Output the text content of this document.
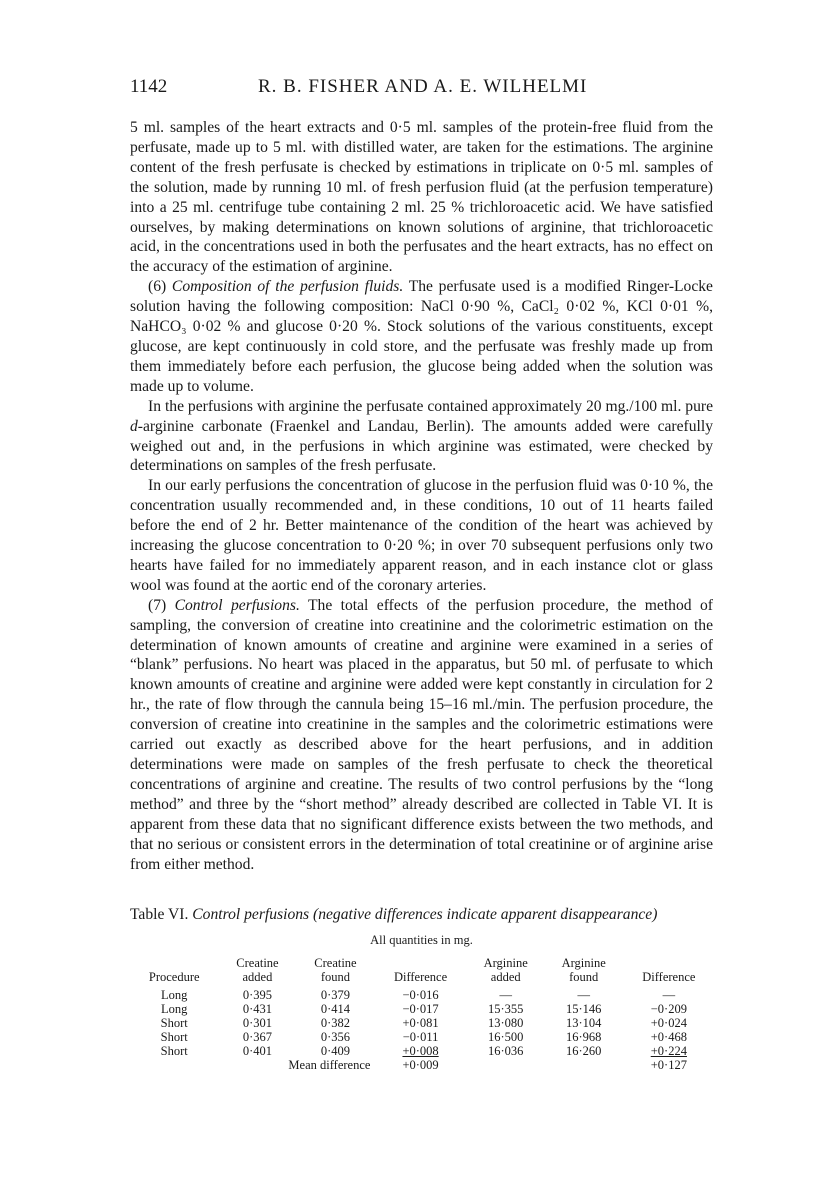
1142	R. B. FISHER AND A. E. WILHELMI

5 ml. samples of the heart extracts and 0·5 ml. samples of the protein-free fluid from the perfusate, made up to 5 ml. with distilled water, are taken for the estimations. The arginine content of the fresh perfusate is checked by estimations in triplicate on 0·5 ml. samples of the solution, made by running 10 ml. of fresh perfusion fluid (at the perfusion temperature) into a 25 ml. centrifuge tube containing 2 ml. 25 % trichloroacetic acid. We have satisfied ourselves, by making determinations on known solutions of arginine, that trichloroacetic acid, in the concentrations used in both the perfusates and the heart extracts, has no effect on the accuracy of the estimation of arginine.

(6) Composition of the perfusion fluids. The perfusate used is a modified Ringer-Locke solution having the following composition: NaCl 0·90 %, CaCl₂ 0·02 %, KCl 0·01 %, NaHCO₃ 0·02 % and glucose 0·20 %. Stock solutions of the various constituents, except glucose, are kept continuously in cold store, and the perfusate was freshly made up from them immediately before each perfusion, the glucose being added when the solution was made up to volume.

In the perfusions with arginine the perfusate contained approximately 20 mg./100 ml. pure d-arginine carbonate (Fraenkel and Landau, Berlin). The amounts added were carefully weighed out and, in the perfusions in which arginine was estimated, were checked by determinations on samples of the fresh perfusate.

In our early perfusions the concentration of glucose in the perfusion fluid was 0·10 %, the concentration usually recommended and, in these conditions, 10 out of 11 hearts failed before the end of 2 hr. Better maintenance of the condition of the heart was achieved by increasing the glucose concentration to 0·20 %; in over 70 subsequent perfusions only two hearts have failed for no immediately apparent reason, and in each instance clot or glass wool was found at the aortic end of the coronary arteries.

(7) Control perfusions. The total effects of the perfusion procedure, the method of sampling, the conversion of creatine into creatinine and the colorimetric estimation on the determination of known amounts of creatine and arginine were examined in a series of “blank” perfusions. No heart was placed in the apparatus, but 50 ml. of perfusate to which known amounts of creatine and arginine were added were kept constantly in circulation for 2 hr., the rate of flow through the cannula being 15–16 ml./min. The perfusion procedure, the conversion of creatine into creatinine in the samples and the colorimetric estimations were carried out exactly as described above for the heart perfusions, and in addition determinations were made on samples of the fresh perfusate to check the theoretical concentrations of arginine and creatine. The results of two control perfusions by the “long method” and three by the “short method” already described are collected in Table VI. It is apparent from these data that no significant difference exists between the two methods, and that no serious or consistent errors in the determination of total creatinine or of arginine arise from either method.

Table VI. Control perfusions (negative differences indicate apparent disappearance)
All quantities in mg.
Procedure	Creatine added	Creatine found	Difference	Arginine added	Arginine found	Difference
Long	0·395	0·379	−0·016	—	—	—
Long	0·431	0·414	−0·017	15·355	15·146	−0·209
Short	0·301	0·382	+0·081	13·080	13·104	+0·024
Short	0·367	0·356	−0·011	16·500	16·968	+0·468
Short	0·401	0·409	+0·008	16·036	16·260	+0·224
	Mean difference		+0·009			+0·127
